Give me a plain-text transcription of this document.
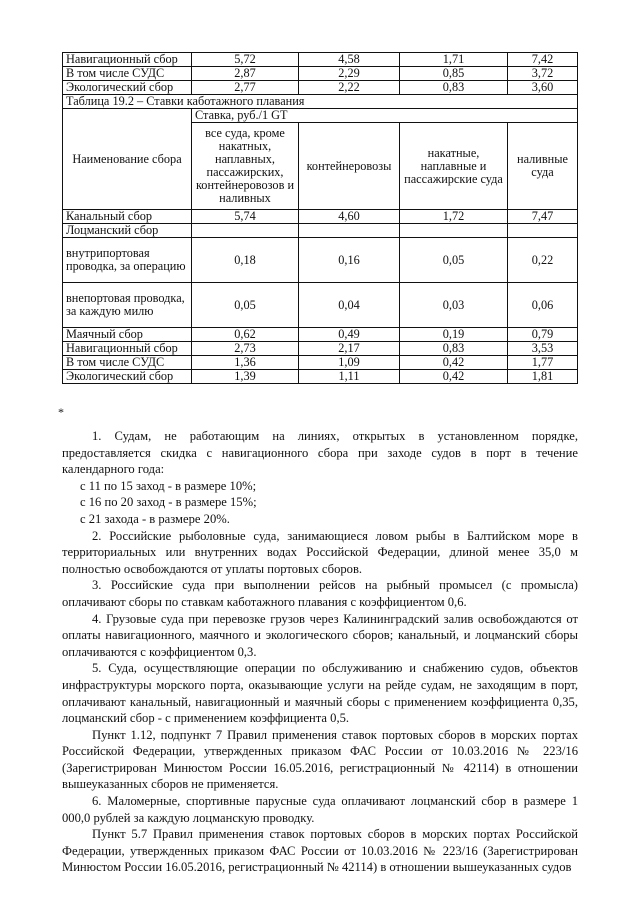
Навигационный сбор	5,72	4,58	1,71	7,42
В том числе СУДС	2,87	2,29	0,85	3,72
Экологический сбор	2,77	2,22	0,83	3,60
Таблица 19.2 – Ставки каботажного плавания				
Наименование сбора	Ставка, руб./1 GT			
	все суда, кроме накатных, наплавных, пассажирских, контейнеровозов и наливных	контейнеровозы	накатные, наплавные и пассажирские суда	наливные суда
Канальный сбор	5,74	4,60	1,72	7,47
Лоцманский сбор				
внутрипортовая проводка, за операцию	0,18	0,16	0,05	0,22
внепортовая проводка, за каждую милю	0,05	0,04	0,03	0,06
Маячный сбор	0,62	0,49	0,19	0,79
Навигационный сбор	2,73	2,17	0,83	3,53
В том числе СУДС	1,36	1,09	0,42	1,77
Экологический сбор	1,39	1,11	0,42	1,81
*

1. Судам, не работающим на линиях, открытых в установленном порядке, предоставляется скидка с навигационного сбора при заходе судов в порт в течение календарного года:

с 11 по 15 заход - в размере 10%;

с 16 по 20 заход - в размере 15%;

с 21 захода - в размере 20%.

2. Российские рыболовные суда, занимающиеся ловом рыбы в Балтийском море в территориальных или внутренних водах Российской Федерации, длиной менее 35,0 м полностью освобождаются от уплаты портовых сборов.

3. Российские суда при выполнении рейсов на рыбный промысел (с промысла) оплачивают сборы по ставкам каботажного плавания с коэффициентом 0,6.

4. Грузовые суда при перевозке грузов через Калининградский залив освобождаются от оплаты навигационного, маячного и экологического сборов; канальный, и лоцманский сборы оплачиваются с коэффициентом 0,3.

5. Суда, осуществляющие операции по обслуживанию и снабжению судов, объектов инфраструктуры морского порта, оказывающие услуги на рейде судам, не заходящим в порт, оплачивают канальный, навигационный и маячный сборы с применением коэффициента 0,35, лоцманский сбор - с применением коэффициента 0,5.

Пункт 1.12, подпункт 7 Правил применения ставок портовых сборов в морских портах Российской Федерации, утвержденных приказом ФАС России от 10.03.2016 № 223/16 (Зарегистрирован Минюстом России 16.05.2016, регистрационный № 42114) в отношении вышеуказанных сборов не применяется.

6. Маломерные, спортивные парусные суда оплачивают лоцманский сбор в размере 1 000,0 рублей за каждую лоцманскую проводку.

Пункт 5.7 Правил применения ставок портовых сборов в морских портах Российской Федерации, утвержденных приказом ФАС России от 10.03.2016 № 223/16 (Зарегистрирован Минюстом России 16.05.2016, регистрационный № 42114) в отношении вышеуказанных судов
